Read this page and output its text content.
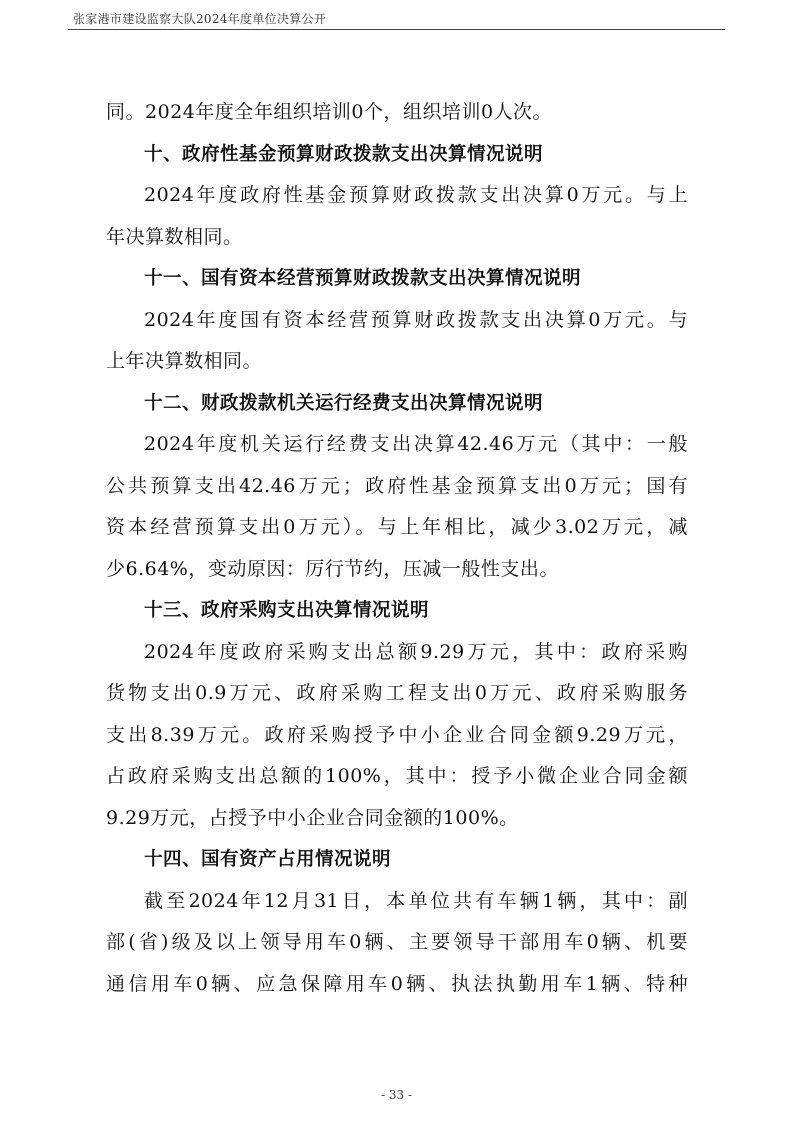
张家港市建设监察大队2024年度单位决算公开
同。2024年度全年组织培训0个，组织培训0人次。
十、政府性基金预算财政拨款支出决算情况说明
2024年度政府性基金预算财政拨款支出决算0万元。与上
年决算数相同。
十一、国有资本经营预算财政拨款支出决算情况说明
2024年度国有资本经营预算财政拨款支出决算0万元。与
上年决算数相同。
十二、财政拨款机关运行经费支出决算情况说明
2024年度机关运行经费支出决算42.46万元（其中：一般
公共预算支出42.46万元；政府性基金预算支出0万元；国有
资本经营预算支出0万元）。与上年相比，减少3.02万元，减
少6.64%，变动原因：厉行节约，压减一般性支出。
十三、政府采购支出决算情况说明
2024年度政府采购支出总额9.29万元，其中：政府采购
货物支出0.9万元、政府采购工程支出0万元、政府采购服务
支出8.39万元。政府采购授予中小企业合同金额9.29万元，
占政府采购支出总额的100%，其中：授予小微企业合同金额
9.29万元，占授予中小企业合同金额的100%。
十四、国有资产占用情况说明
截至2024年12月31日，本单位共有车辆1辆，其中：副
部(省)级及以上领导用车0辆、主要领导干部用车0辆、机要
通信用车0辆、应急保障用车0辆、执法执勤用车1辆、特种
- 33 -
